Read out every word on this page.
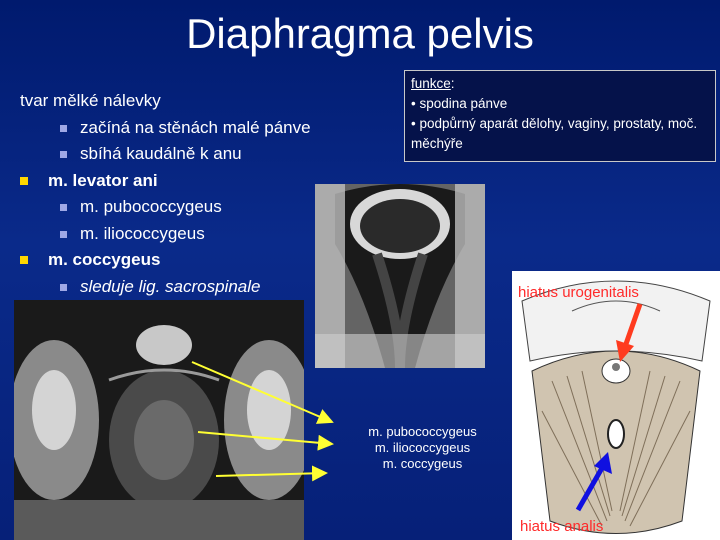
Diaphragma pelvis
tvar mělké nálevky
začíná na stěnách malé pánve
sbíhá kaudálně k anu
m. levator ani
m. pubococcygeus
m. iliococcygeus
m. coccygeus
sleduje lig. sacrospinale
funkce:
• spodina pánve
• podpůrný aparát dělohy, vaginy, prostaty, moč. měchýře
hiatus urogenitalis
hiatus analis
m. pubococcygeus
m. iliococcygeus
m. coccygeus
